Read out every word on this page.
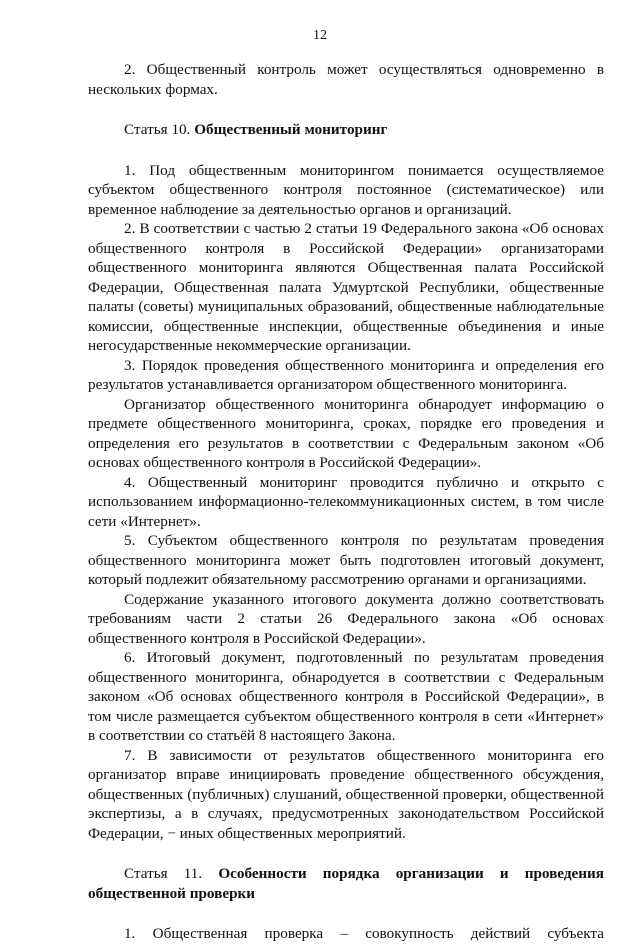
12

2. Общественный контроль может осуществляться одновременно в нескольких формах.

Статья 10. Общественный мониторинг

1. Под общественным мониторингом понимается осуществляемое субъектом общественного контроля постоянное (систематическое) или временное наблюдение за деятельностью органов и организаций.

2. В соответствии с частью 2 статьи 19 Федерального закона «Об основах общественного контроля в Российской Федерации» организаторами общественного мониторинга являются Общественная палата Российской Федерации, Общественная палата Удмуртской Республики, общественные палаты (советы) муниципальных образований, общественные наблюдательные комиссии, общественные инспекции, общественные объединения и иные негосударственные некоммерческие организации.

3. Порядок проведения общественного мониторинга и определения его результатов устанавливается организатором общественного мониторинга.

Организатор общественного мониторинга обнародует информацию о предмете общественного мониторинга, сроках, порядке его проведения и определения его результатов в соответствии с Федеральным законом «Об основах общественного контроля в Российской Федерации».

4. Общественный мониторинг проводится публично и открыто с использованием информационно-телекоммуникационных систем, в том числе сети «Интернет».

5. Субъектом общественного контроля по результатам проведения общественного мониторинга может быть подготовлен итоговый документ, который подлежит обязательному рассмотрению органами и организациями.

Содержание указанного итогового документа должно соответствовать требованиям части 2 статьи 26 Федерального закона «Об основах общественного контроля в Российской Федерации».

6. Итоговый документ, подготовленный по результатам проведения общественного мониторинга, обнародуется в соответствии с Федеральным законом «Об основах общественного контроля в Российской Федерации», в том числе размещается субъектом общественного контроля в сети «Интернет» в соответствии со статьёй 8 настоящего Закона.

7. В зависимости от результатов общественного мониторинга его организатор вправе инициировать проведение общественного обсуждения, общественных (публичных) слушаний, общественной проверки, общественной экспертизы, а в случаях, предусмотренных законодательством Российской Федерации, − иных общественных мероприятий.

Статья 11. Особенности порядка организации и проведения
общественной проверки

1. Общественная проверка – совокупность действий субъекта
